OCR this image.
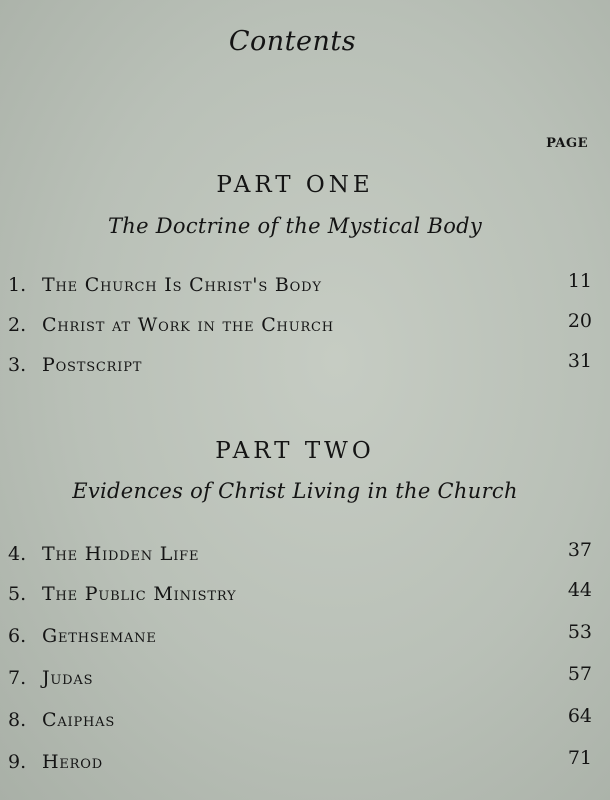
Contents
PAGE
PART ONE
The Doctrine of the Mystical Body
1. The Church Is Christ's Body	11
2. Christ at Work in the Church	20
3. Postscript	31
PART TWO
Evidences of Christ Living in the Church
4. The Hidden Life	37
5. The Public Ministry	44
6. Gethsemane	53
7. Judas	57
8. Caiphas	64
9. Herod	71
